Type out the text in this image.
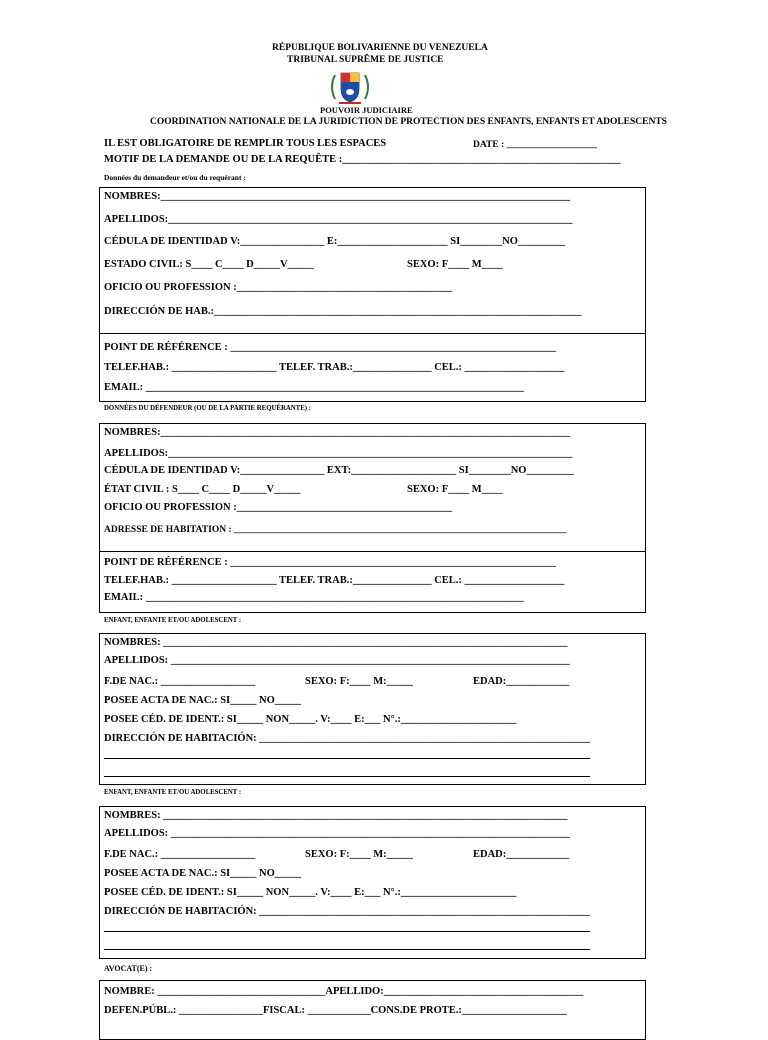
RÉPUBLIQUE BOLIVARIENNE DU VENEZUELA
TRIBUNAL SUPRÊME DE JUSTICE
POUVOIR JUDICIAIRE
COORDINATION NATIONALE DE LA JURIDICTION DE PROTECTION DES ENFANTS, ENFANTS ET ADOLESCENTS
IL EST OBLIGATOIRE DE REMPLIR TOUS LES ESPACES	DATE : ___________________
MOTIF DE LA DEMANDE OU DE LA REQUÊTE :_____________________________________________________
Données du demandeur et/ou du requérant :
NOMBRES:______________________________________________________________________________
APELLIDOS:_____________________________________________________________________________
CÉDULA DE IDENTIDAD V:________________ E:_____________________ SI________NO_________
ESTADO CIVIL: S____ C____ D_____V_____	SEXO: F____ M____
OFICIO OU PROFESSION :_________________________________________
DIRECCIÓN DE HAB.:______________________________________________________________________
POINT DE RÉFÉRENCE : ______________________________________________________________
TELEF.HAB.: ____________________ TELEF. TRAB.:_______________ CEL.: ___________________
EMAIL: ________________________________________________________________________
DONNÉES DU DÉFENDEUR (OU DE LA PARTIE REQUÉRANTE) :
NOMBRES:______________________________________________________________________________
APELLIDOS:_____________________________________________________________________________
CÉDULA DE IDENTIDAD V:________________ EXT:____________________ SI________NO_________
ÉTAT CIVIL : S____ C____ D_____V_____	SEXO: F____ M____
OFICIO OU PROFESSION :_________________________________________
ADRESSE DE HABITATION : ______________________________________________________________________
POINT DE RÉFÉRENCE : ______________________________________________________________
TELEF.HAB.: ____________________ TELEF. TRAB.:_______________ CEL.: ___________________
EMAIL: ________________________________________________________________________
ENFANT, ENFANTE ET/OU ADOLESCENT :
NOMBRES: _____________________________________________________________________________
APELLIDOS: ____________________________________________________________________________
F.DE NAC.: __________________	SEXO: F:____ M:_____	EDAD:____________
POSEE ACTA DE NAC.: SI_____ NO_____
POSEE CÉD. DE IDENT.: SI_____ NON_____. V:____ E:___ N°.:______________________
DIRECCIÓN DE HABITACIÓN: _______________________________________________________________
ENFANT, ENFANTE ET/OU ADOLESCENT :
NOMBRES: _____________________________________________________________________________
APELLIDOS: ____________________________________________________________________________
F.DE NAC.: __________________	SEXO: F:____ M:_____	EDAD:____________
POSEE ACTA DE NAC.: SI_____ NO_____
POSEE CÉD. DE IDENT.: SI_____ NON_____. V:____ E:___ N°.:______________________
DIRECCIÓN DE HABITACIÓN: _______________________________________________________________
AVOCAT(E) :
NOMBRE: ________________________________APELLIDO:______________________________________
DEFEN.PÚBL.: ________________FISCAL: ____________CONS.DE PROTE.:____________________
